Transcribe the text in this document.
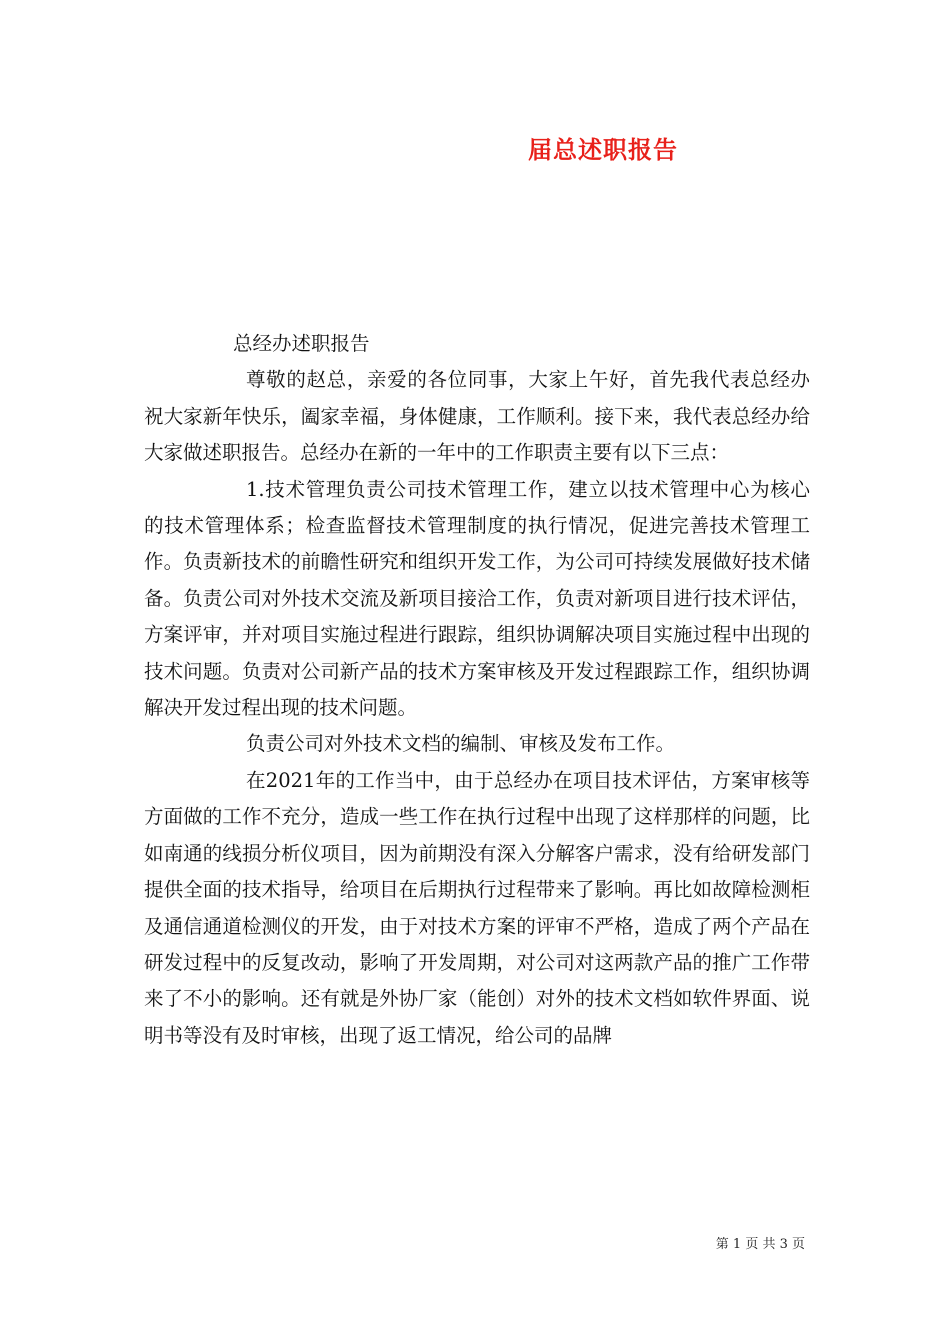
届总述职报告

总经办述职报告

尊敬的赵总，亲爱的各位同事，大家上午好，首先我代表总经办祝大家新年快乐，阖家幸福，身体健康，工作顺利。接下来，我代表总经办给大家做述职报告。总经办在新的一年中的工作职责主要有以下三点：

1.技术管理负责公司技术管理工作，建立以技术管理中心为核心的技术管理体系；检查监督技术管理制度的执行情况，促进完善技术管理工作。负责新技术的前瞻性研究和组织开发工作，为公司可持续发展做好技术储备。负责公司对外技术交流及新项目接洽工作，负责对新项目进行技术评估，方案评审，并对项目实施过程进行跟踪，组织协调解决项目实施过程中出现的技术问题。负责对公司新产品的技术方案审核及开发过程跟踪工作，组织协调解决开发过程出现的技术问题。

负责公司对外技术文档的编制、审核及发布工作。

在2021年的工作当中，由于总经办在项目技术评估，方案审核等方面做的工作不充分，造成一些工作在执行过程中出现了这样那样的问题，比如南通的线损分析仪项目，因为前期没有深入分解客户需求，没有给研发部门提供全面的技术指导，给项目在后期执行过程带来了影响。再比如故障检测柜及通信通道检测仪的开发，由于对技术方案的评审不严格，造成了两个产品在研发过程中的反复改动，影响了开发周期，对公司对这两款产品的推广工作带来了不小的影响。还有就是外协厂家（能创）对外的技术文档如软件界面、说明书等没有及时审核，出现了返工情况，给公司的品牌

第 1 页 共 3 页
